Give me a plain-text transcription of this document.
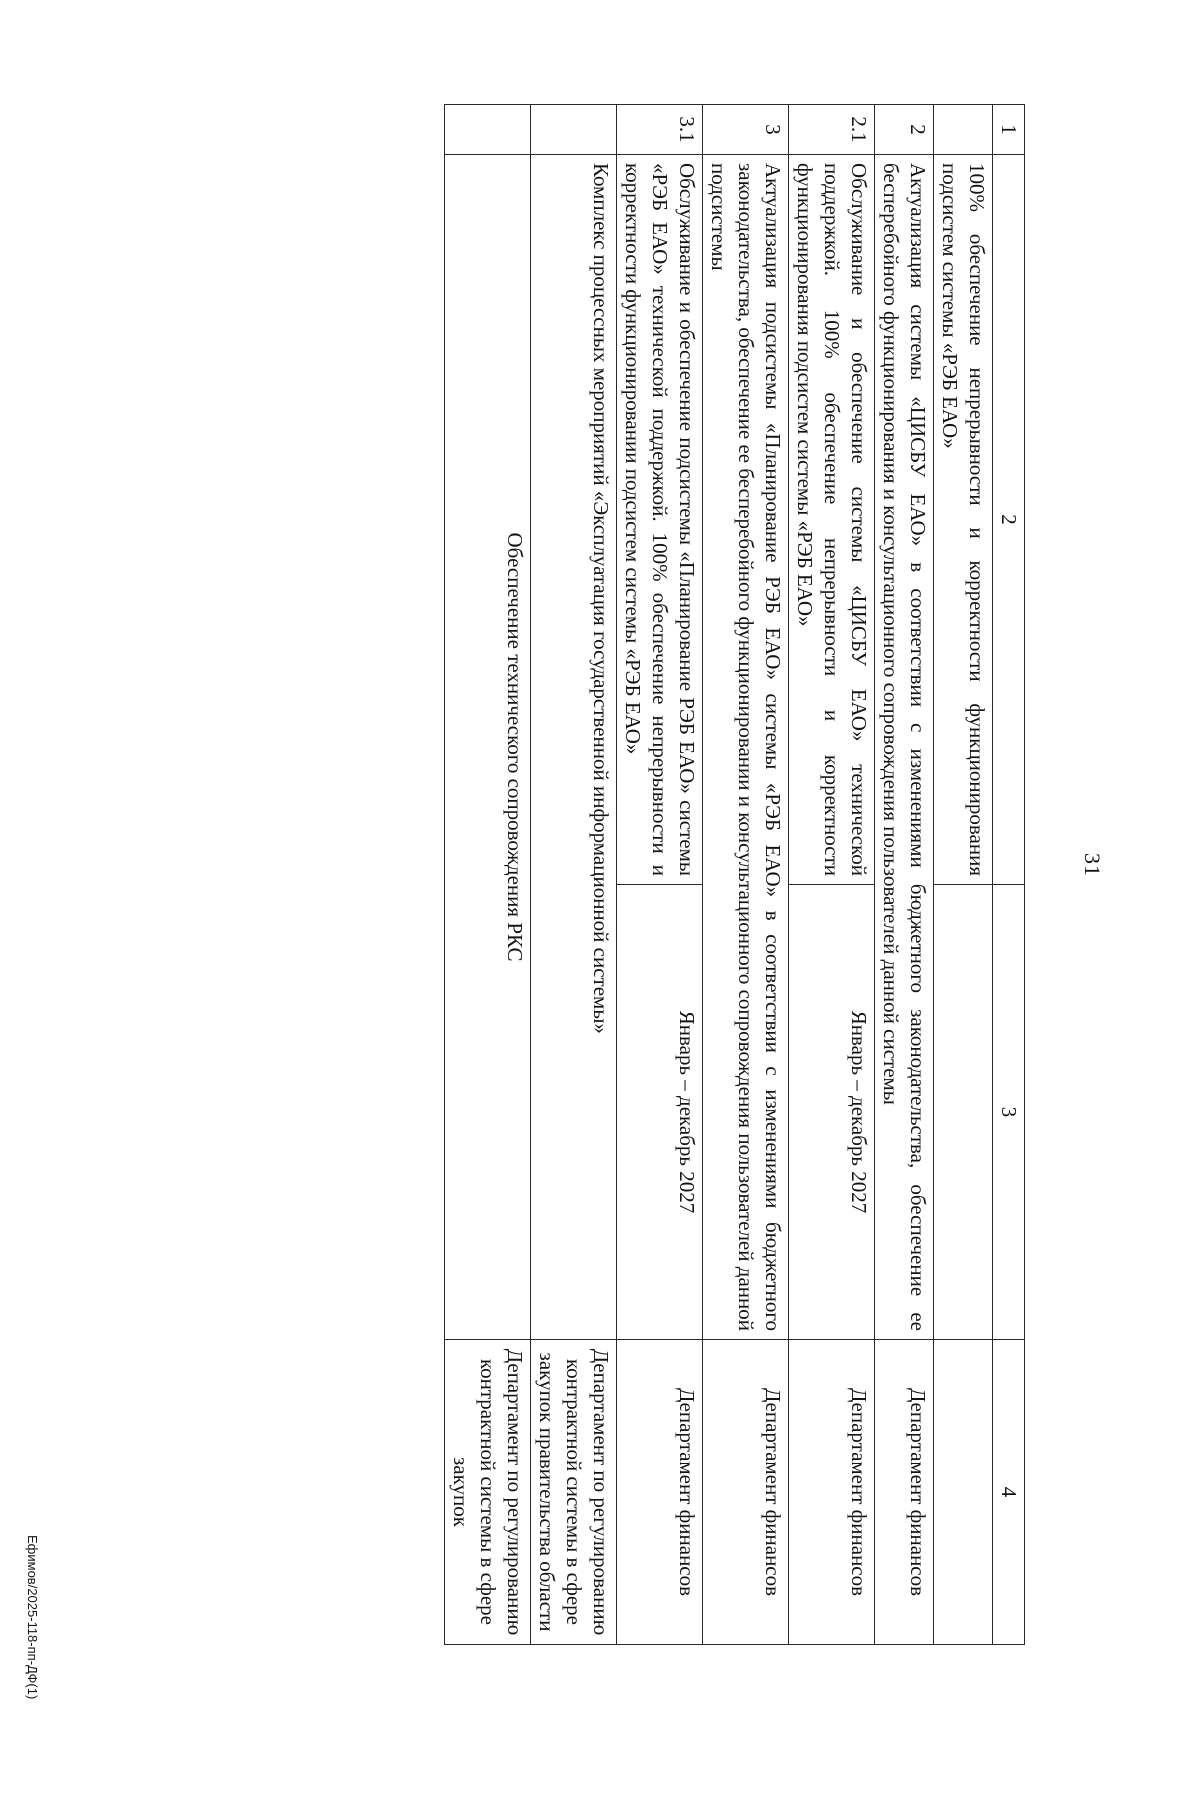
31
Ефимов/2025-118-пп-ДФ(1)
1	2	3	4
	100% обеспечение непрерывности и корректности функционирования подсистем системы «РЭБ ЕАО»		
2	Актуализация системы «ЦИСБУ ЕАО» в соответствии с изменениями бюджетного законодательства, обеспечение ее бесперебойного функционирования и консультационного сопровождения пользователей данной системы		Департамент финансов
2.1	Обслуживание и обеспечение системы «ЦИСБУ ЕАО» технической поддержкой. 100% обеспечение непрерывности и корректности функционирования подсистем системы «РЭБ ЕАО»	Январь – декабрь 2027	Департамент финансов
3	Актуализация подсистемы «Планирование РЭБ ЕАО» системы «РЭБ ЕАО» в соответствии с изменениями бюджетного законодательства, обеспечение ее бесперебойного функционировании и консультационного сопровождения пользователей данной подсистемы		Департамент финансов
3.1	Обслуживание и обеспечение подсистемы «Планирование РЭБ ЕАО» системы «РЭБ ЕАО» технической поддержкой. 100% обеспечение непрерывности и корректности функционировании подсистем системы «РЭБ ЕАО»	Январь – декабрь 2027	Департамент финансов
	Комплекс процессных мероприятий «Эксплуатация государственной информационной системы»		Департамент по регулированию контрактной системы в сфере закупок правительства области
	Обеспечение технического сопровождения РКС		Департамент по регулированию контрактной системы в сфере закупок
